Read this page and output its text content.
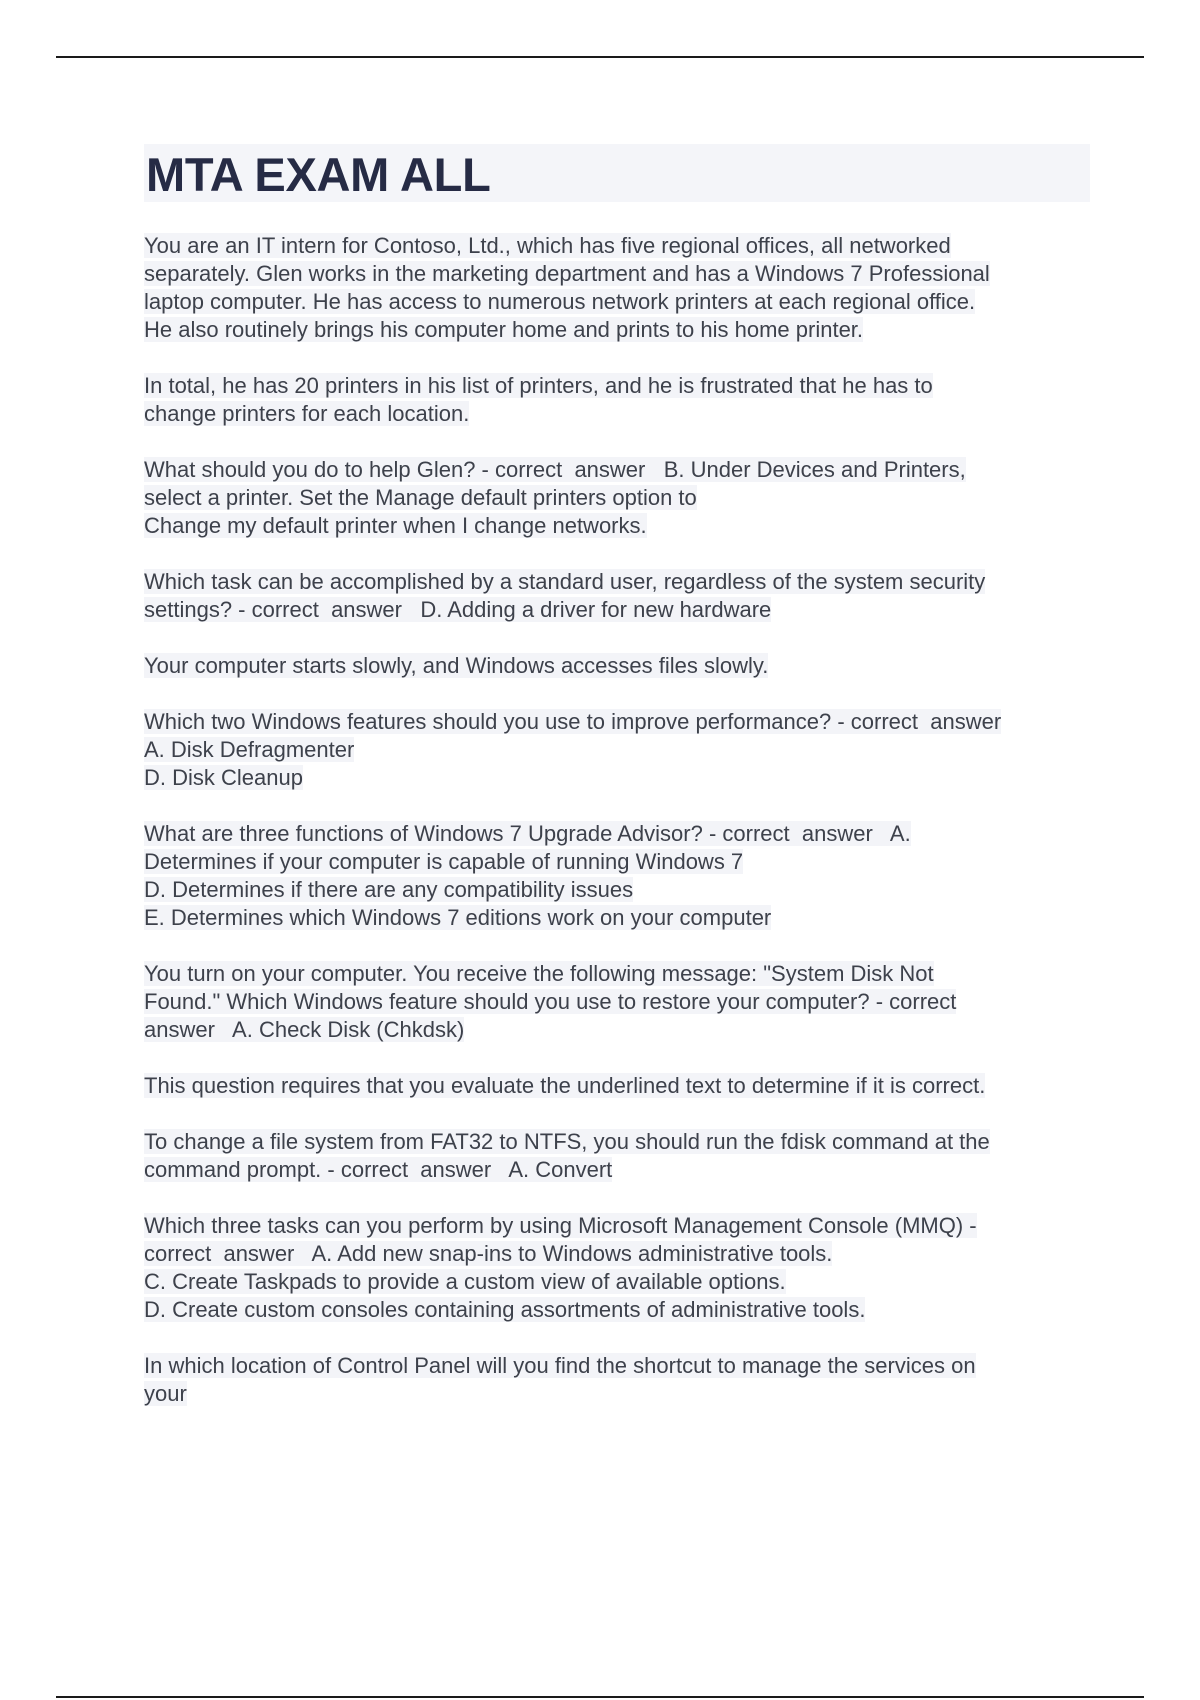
MTA EXAM ALL

You are an IT intern for Contoso, Ltd., which has five regional offices, all networked
separately. Glen works in the marketing department and has a Windows 7 Professional
laptop computer. He has access to numerous network printers at each regional office.
He also routinely brings his computer home and prints to his home printer.

In total, he has 20 printers in his list of printers, and he is frustrated that he has to
change printers for each location.

What should you do to help Glen? - correct  answer   B. Under Devices and Printers,
select a printer. Set the Manage default printers option to
Change my default printer when I change networks.

Which task can be accomplished by a standard user, regardless of the system security
settings? - correct  answer   D. Adding a driver for new hardware

Your computer starts slowly, and Windows accesses files slowly.

Which two Windows features should you use to improve performance? - correct  answer
A. Disk Defragmenter
D. Disk Cleanup

What are three functions of Windows 7 Upgrade Advisor? - correct  answer   A.
Determines if your computer is capable of running Windows 7
D. Determines if there are any compatibility issues
E. Determines which Windows 7 editions work on your computer

You turn on your computer. You receive the following message: "System Disk Not
Found." Which Windows feature should you use to restore your computer? - correct
answer   A. Check Disk (Chkdsk)

This question requires that you evaluate the underlined text to determine if it is correct.

To change a file system from FAT32 to NTFS, you should run the fdisk command at the
command prompt. - correct  answer   A. Convert

Which three tasks can you perform by using Microsoft Management Console (MMQ) -
correct  answer   A. Add new snap-ins to Windows administrative tools.
C. Create Taskpads to provide a custom view of available options.
D. Create custom consoles containing assortments of administrative tools.

In which location of Control Panel will you find the shortcut to manage the services on
your
